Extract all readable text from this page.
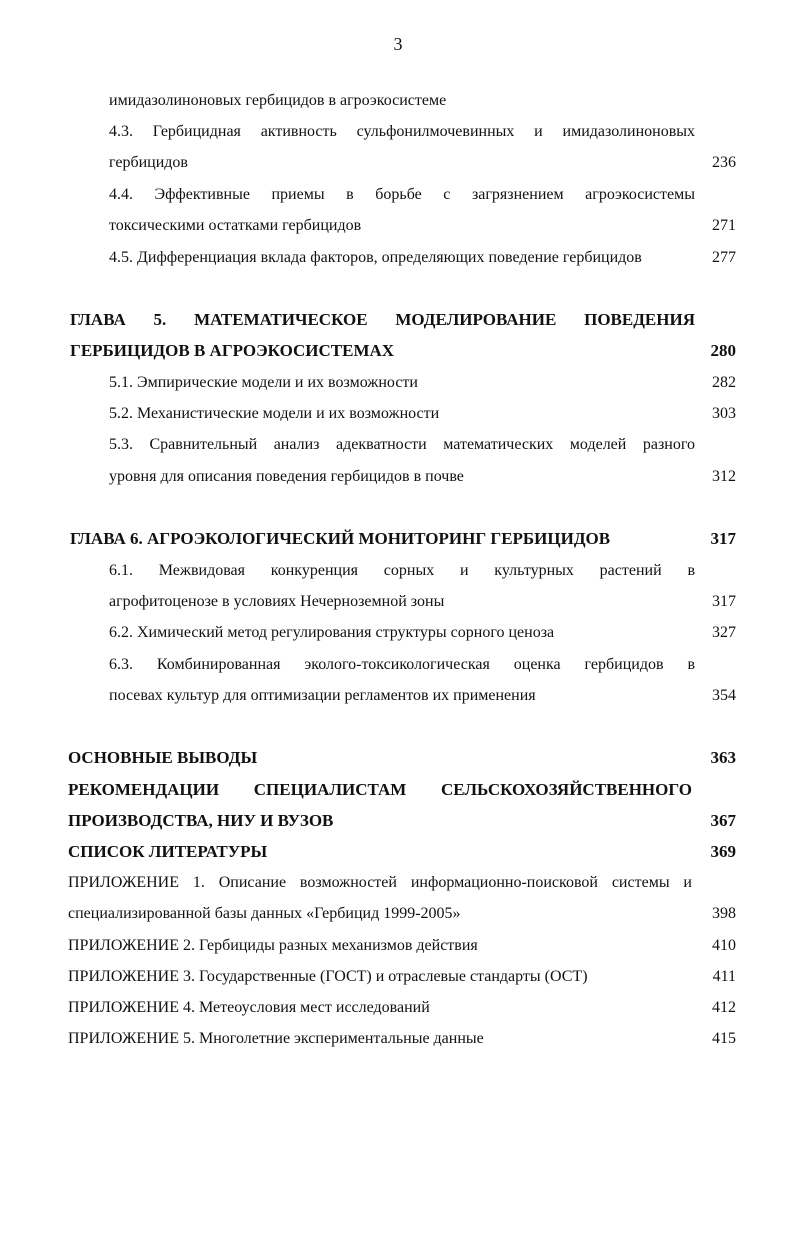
3
имидазолиноновых гербицидов в агроэкосистеме
4.3. Гербицидная активность сульфонилмочевинных и имидазолиноновых
гербицидов	236
4.4. Эффективные приемы в борьбе с загрязнением агроэкосистемы
токсическими остатками гербицидов	271
4.5. Дифференциация вклада факторов, определяющих поведение гербицидов	277
ГЛАВА 5. МАТЕМАТИЧЕСКОЕ МОДЕЛИРОВАНИЕ ПОВЕДЕНИЯ
ГЕРБИЦИДОВ В АГРОЭКОСИСТЕМАХ	280
5.1. Эмпирические модели и их возможности	282
5.2. Механистические модели и их возможности	303
5.3. Сравнительный анализ адекватности математических моделей разного
уровня для описания поведения гербицидов в почве	312
ГЛАВА 6. АГРОЭКОЛОГИЧЕСКИЙ МОНИТОРИНГ ГЕРБИЦИДОВ	317
6.1. Межвидовая конкуренция сорных и культурных растений в
агрофитоценозе в условиях Нечерноземной зоны	317
6.2. Химический метод регулирования структуры сорного ценоза	327
6.3. Комбинированная эколого-токсикологическая оценка гербицидов в
посевах культур для оптимизации регламентов их применения	354
ОСНОВНЫЕ ВЫВОДЫ	363
РЕКОМЕНДАЦИИ СПЕЦИАЛИСТАМ СЕЛЬСКОХОЗЯЙСТВЕННОГО
ПРОИЗВОДСТВА, НИУ И ВУЗОВ	367
СПИСОК ЛИТЕРАТУРЫ	369
ПРИЛОЖЕНИЕ 1. Описание возможностей информационно-поисковой системы и
специализированной базы данных «Гербицид 1999-2005»	398
ПРИЛОЖЕНИЕ 2. Гербициды разных механизмов действия	410
ПРИЛОЖЕНИЕ 3. Государственные (ГОСТ) и отраслевые стандарты (ОСТ)	411
ПРИЛОЖЕНИЕ 4. Метеоусловия мест исследований	412
ПРИЛОЖЕНИЕ 5. Многолетние экспериментальные данные	415
